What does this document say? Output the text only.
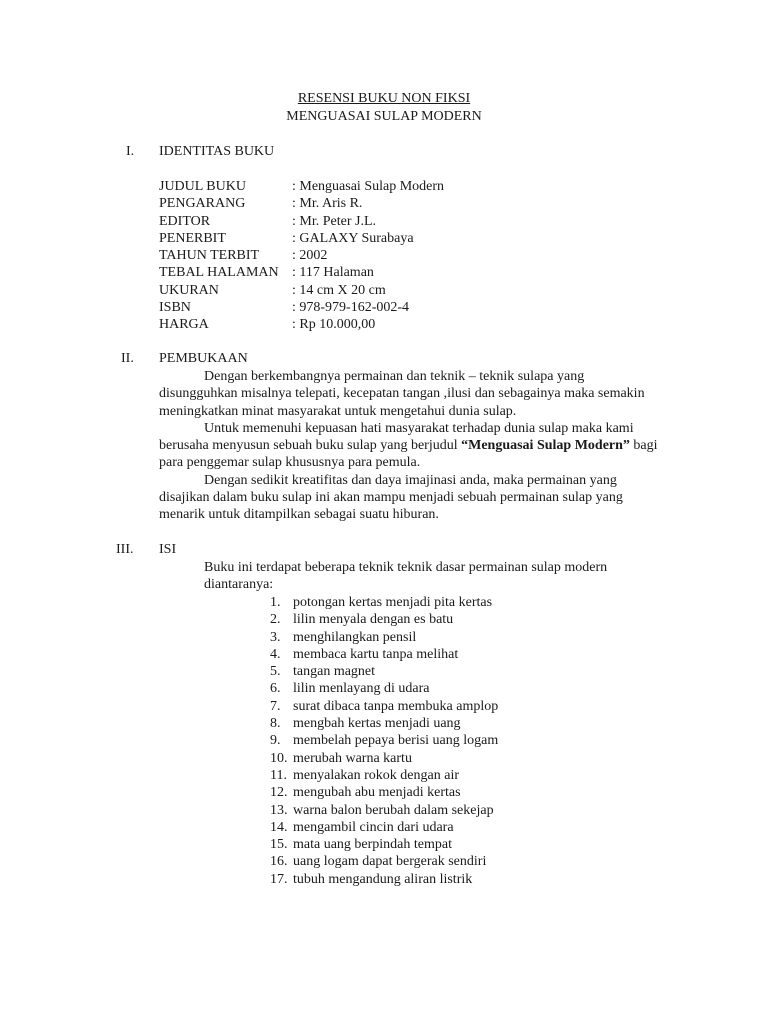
RESENSI BUKU NON FIKSI
MENGUASAI SULAP MODERN
I. IDENTITAS BUKU
JUDUL BUKU	: Menguasai Sulap Modern
PENGARANG	: Mr. Aris R.
EDITOR	: Mr. Peter J.L.
PENERBIT	: GALAXY Surabaya
TAHUN TERBIT : 2002
TEBAL HALAMAN : 117 Halaman
UKURAN	: 14 cm X 20 cm
ISBN	: 978-979-162-002-4
HARGA	: Rp 10.000,00
II. PEMBUKAAN

Dengan berkembangnya permainan dan teknik – teknik sulapa yang disungguhkan misalnya telepati, kecepatan tangan ,ilusi dan sebagainya maka semakin meningkatkan minat masyarakat untuk mengetahui dunia sulap.

Untuk memenuhi kepuasan hati masyarakat terhadap dunia sulap maka kami berusaha menyusun sebuah buku sulap yang berjudul “Menguasai Sulap Modern” bagi para penggemar sulap khususnya para pemula.

Dengan sedikit kreatifitas dan daya imajinasi anda, maka permainan yang disajikan dalam buku sulap ini akan mampu menjadi sebuah permainan sulap yang menarik untuk ditampilkan sebagai suatu hiburan.

III. ISI
Buku ini terdapat beberapa teknik teknik dasar permainan sulap modern diantaranya:
1. potongan kertas menjadi pita kertas
2. lilin menyala dengan es batu
3. menghilangkan pensil
4. membaca kartu tanpa melihat
5. tangan magnet
6. lilin menlayang di udara
7. surat dibaca tanpa membuka amplop
8. mengbah kertas menjadi uang
9. membelah pepaya berisi uang logam
10. merubah warna kartu
11. menyalakan rokok dengan air
12. mengubah abu menjadi kertas
13. warna balon berubah dalam sekejap
14. mengambil cincin dari udara
15. mata uang berpindah tempat
16. uang logam dapat bergerak sendiri
17. tubuh mengandung aliran listrik
